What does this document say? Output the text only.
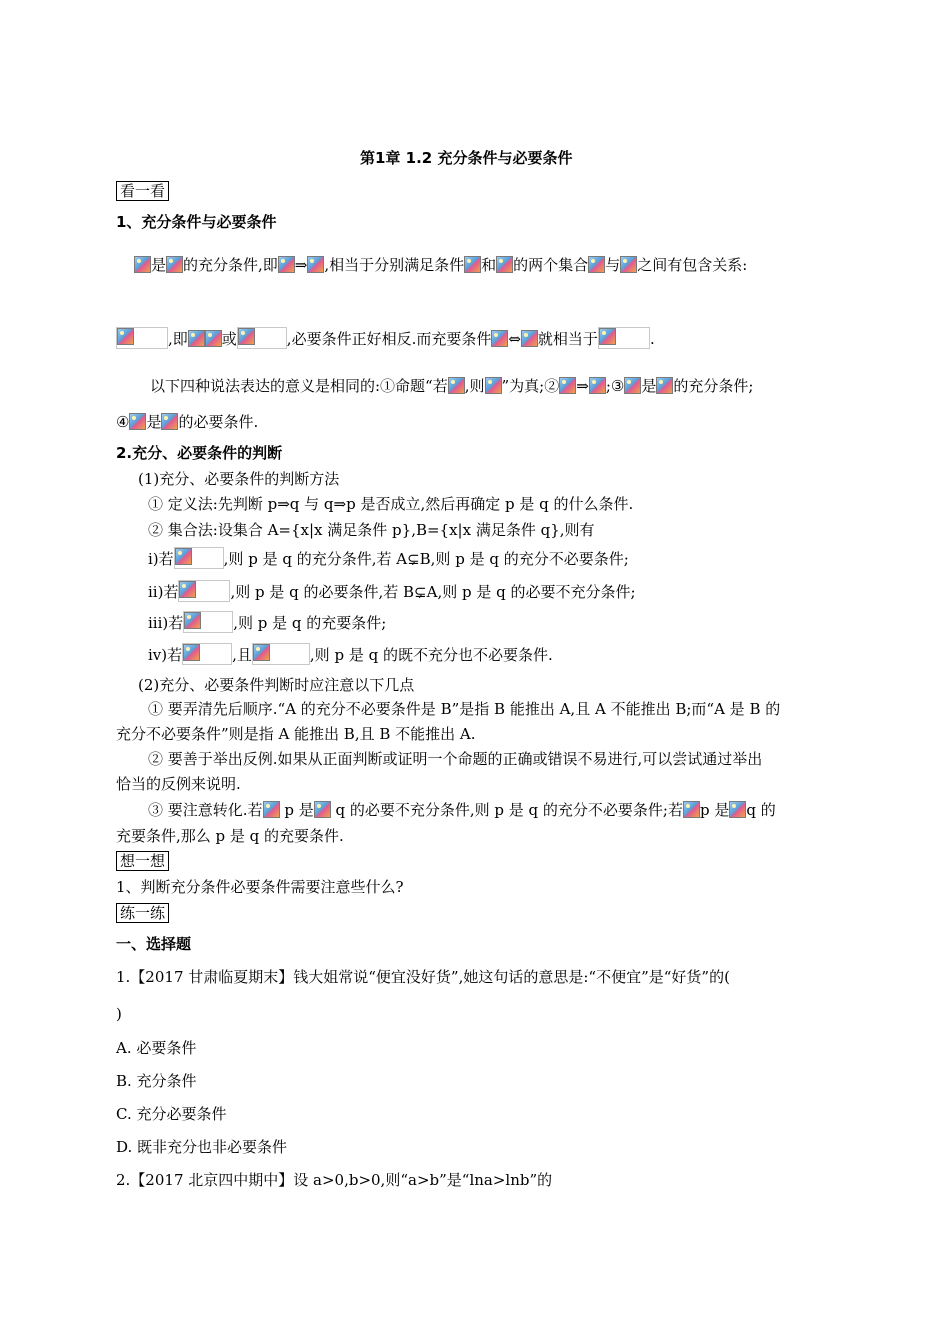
第1章 1.2 充分条件与必要条件
看一看
1、充分条件与必要条件
是 的充分条件,即 ⇒ ,相当于分别满足条件 和 的两个集合 与 之间有包含关系:
,即 或	,必要条件正好相反.而充要条件 ⇔ 就相当于	.
以下四种说法表达的意义是相同的:①命题“若 ,则 ”为真;② ⇒ ;③ 是 的充分条件;
④ 是 的必要条件.
2.充分、必要条件的判断
(1)充分、必要条件的判断方法
① 定义法:先判断 p⇒q 与 q⇒p 是否成立,然后再确定 p 是 q 的什么条件.
② 集合法:设集合 A={x|x 满足条件 p},B={x|x 满足条件 q},则有
i)若	,则 p 是 q 的充分条件,若 A⊊B,则 p 是 q 的充分不必要条件;
ii)若	,则 p 是 q 的必要条件,若 B⊊A,则 p 是 q 的必要不充分条件;
iii)若	,则 p 是 q 的充要条件;
iv)若	,且	,则 p 是 q 的既不充分也不必要条件.
(2)充分、必要条件判断时应注意以下几点
① 要弄清先后顺序.“A 的充分不必要条件是 B”是指 B 能推出 A,且 A 不能推出 B;而“A 是 B 的
充分不必要条件”则是指 A 能推出 B,且 B 不能推出 A.
② 要善于举出反例.如果从正面判断或证明一个命题的正确或错误不易进行,可以尝试通过举出
恰当的反例来说明.
③ 要注意转化.若 p 是 q 的必要不充分条件,则 p 是 q 的充分不必要条件;若 p 是 q 的
充要条件,那么 p 是 q 的充要条件.
想一想
1、判断充分条件必要条件需要注意些什么?
练一练
一、选择题
1.【2017 甘肃临夏期末】钱大姐常说“便宜没好货”,她这句话的意思是:“不便宜”是“好货”的(
)
A. 必要条件
B. 充分条件
C. 充分必要条件
D. 既非充分也非必要条件
2.【2017 北京四中期中】设 a>0,b>0,则“a>b”是“lna>lnb”的
